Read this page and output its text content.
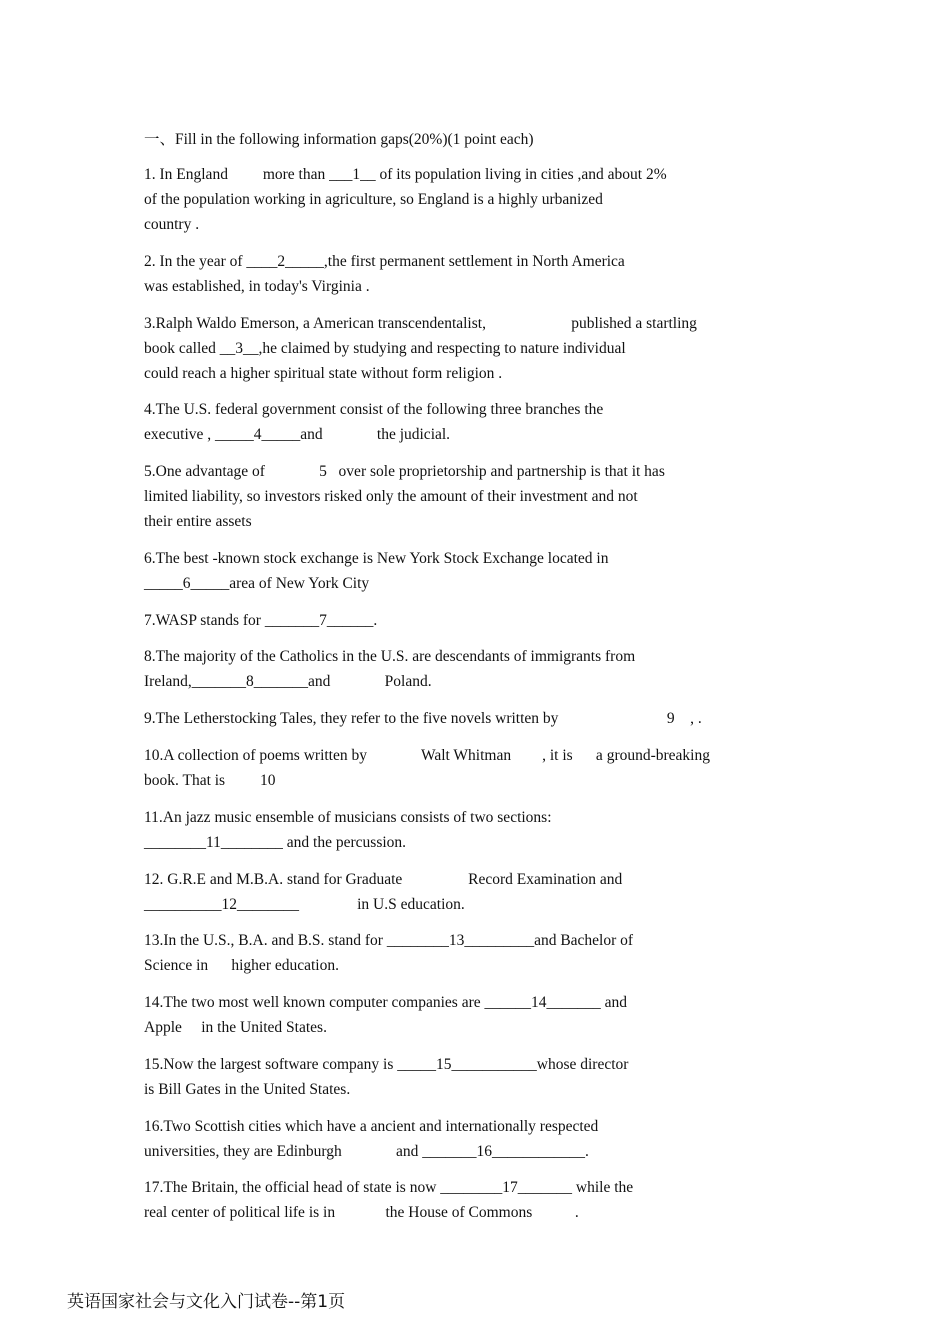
一、Fill in the following information gaps(20%)(1 point each)
1. In England         more than ___1__ of its population living in cities ,and about 2%
of the population working in agriculture, so England is a highly urbanized
country .
2. In the year of ____2_____,the first permanent settlement in North America
was established, in today's Virginia .
3.Ralph Waldo Emerson, a American transcendentalist,                      published a startling
book called __3__,he claimed by studying and respecting to nature individual
could reach a higher spiritual state without form religion .
4.The U.S. federal government consist of the following three branches the
executive , _____4_____and              the judicial.
5.One advantage of              5   over sole proprietorship and partnership is that it has
limited liability, so investors risked only the amount of their investment and not
their entire assets
6.The best -known stock exchange is New York Stock Exchange located in
_____6_____area of New York City
7.WASP stands for _______7______.
8.The majority of the Catholics in the U.S. are descendants of immigrants from
Ireland,_______8_______and              Poland.
9.The Letherstocking Tales, they refer to the five novels written by                            9    , .
10.A collection of poems written by              Walt Whitman        , it is      a ground-breaking
book. That is         10
11.An jazz music ensemble of musicians consists of two sections:
________11________ and the percussion.
12. G.R.E and M.B.A. stand for Graduate                 Record Examination and
__________12________               in U.S education.
13.In the U.S., B.A. and B.S. stand for ________13_________and Bachelor of
Science in      higher education.
14.The two most well known computer companies are ______14_______ and
Apple     in the United States.
15.Now the largest software company is _____15___________whose director
is Bill Gates in the United States.
16.Two Scottish cities which have a ancient and internationally respected
universities, they are Edinburgh              and _______16____________.
17.The Britain, the official head of state is now ________17_______ while the
real center of political life is in             the House of Commons           .
英语国家社会与文化入门试卷--第1页
